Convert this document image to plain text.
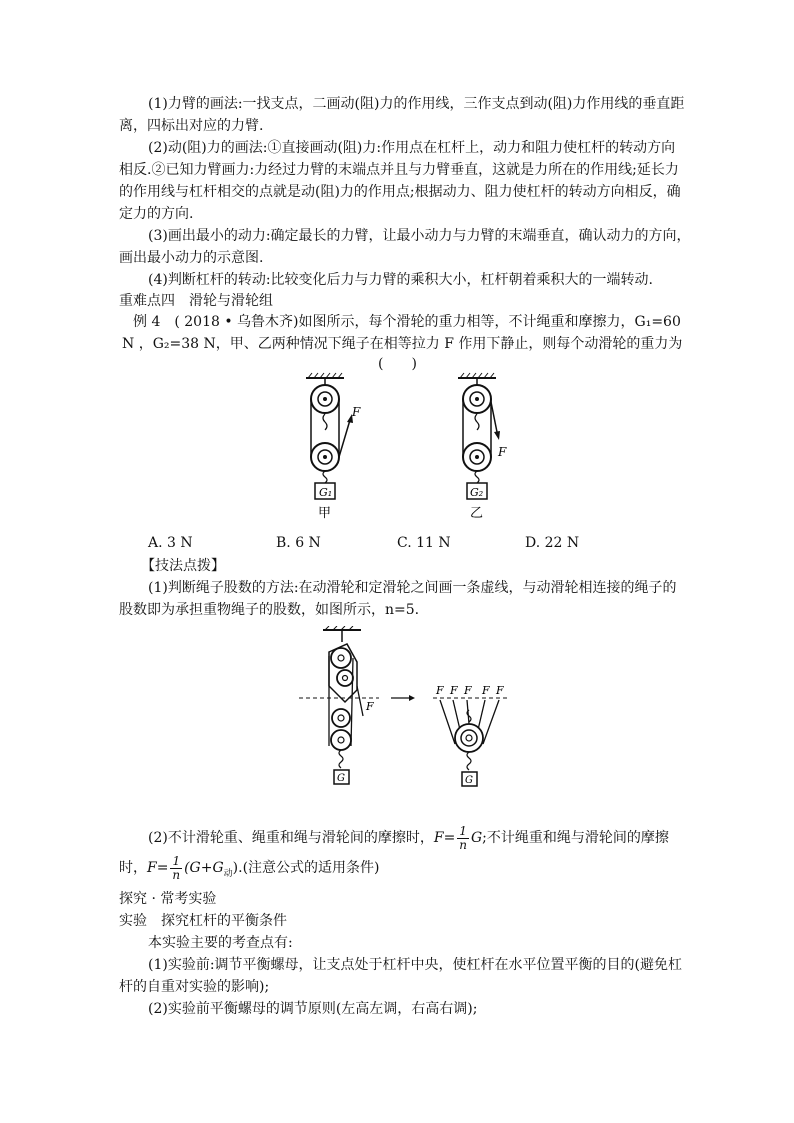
(1)力臂的画法:一找支点，二画动(阻)力的作用线，三作支点到动(阻)力作用线的垂直距
离，四标出对应的力臂.
(2)动(阻)力的画法:①直接画动(阻)力:作用点在杠杆上，动力和阻力使杠杆的转动方向
相反.②已知力臂画力:力经过力臂的末端点并且与力臂垂直，这就是力所在的作用线;延长力
的作用线与杠杆相交的点就是动(阻)力的作用点;根据动力、阻力使杠杆的转动方向相反，确
定力的方向.
(3)画出最小的动力:确定最长的力臂，让最小动力与力臂的末端垂直，确认动力的方向，
画出最小动力的示意图.
(4)判断杠杆的转动:比较变化后力与力臂的乘积大小，杠杆朝着乘积大的一端转动.
重难点四　滑轮与滑轮组
例 4　( 2018 • 乌鲁木齐)如图所示，每个滑轮的重力相等，不计绳重和摩擦力，G₁=60
N ，G₂=38 N，甲、乙两种情况下绳子在相等拉力 F 作用下静止，则每个动滑轮的重力为
(　　)
F
G₁
甲
F
G₂
乙
A. 3 N	B. 6 N	C. 11 N	D. 22 N
【技法点拨】
(1)判断绳子股数的方法:在动滑轮和定滑轮之间画一条虚线，与动滑轮相连接的绳子的
股数即为承担重物绳子的股数，如图所示，n=5.
F
G
F F F F F
G
(2)不计滑轮重、绳重和绳与滑轮间的摩擦时，$F= \frac{1}{n} G$;不计绳重和绳与滑轮间的摩擦
时，$F= \frac{1}{n} (G+G_动)$.(注意公式的适用条件)
探究 · 常考实验
实验　探究杠杆的平衡条件
本实验主要的考查点有:
(1)实验前:调节平衡螺母，让支点处于杠杆中央，使杠杆在水平位置平衡的目的(避免杠
杆的自重对实验的影响);
(2)实验前平衡螺母的调节原则(左高左调，右高右调);
